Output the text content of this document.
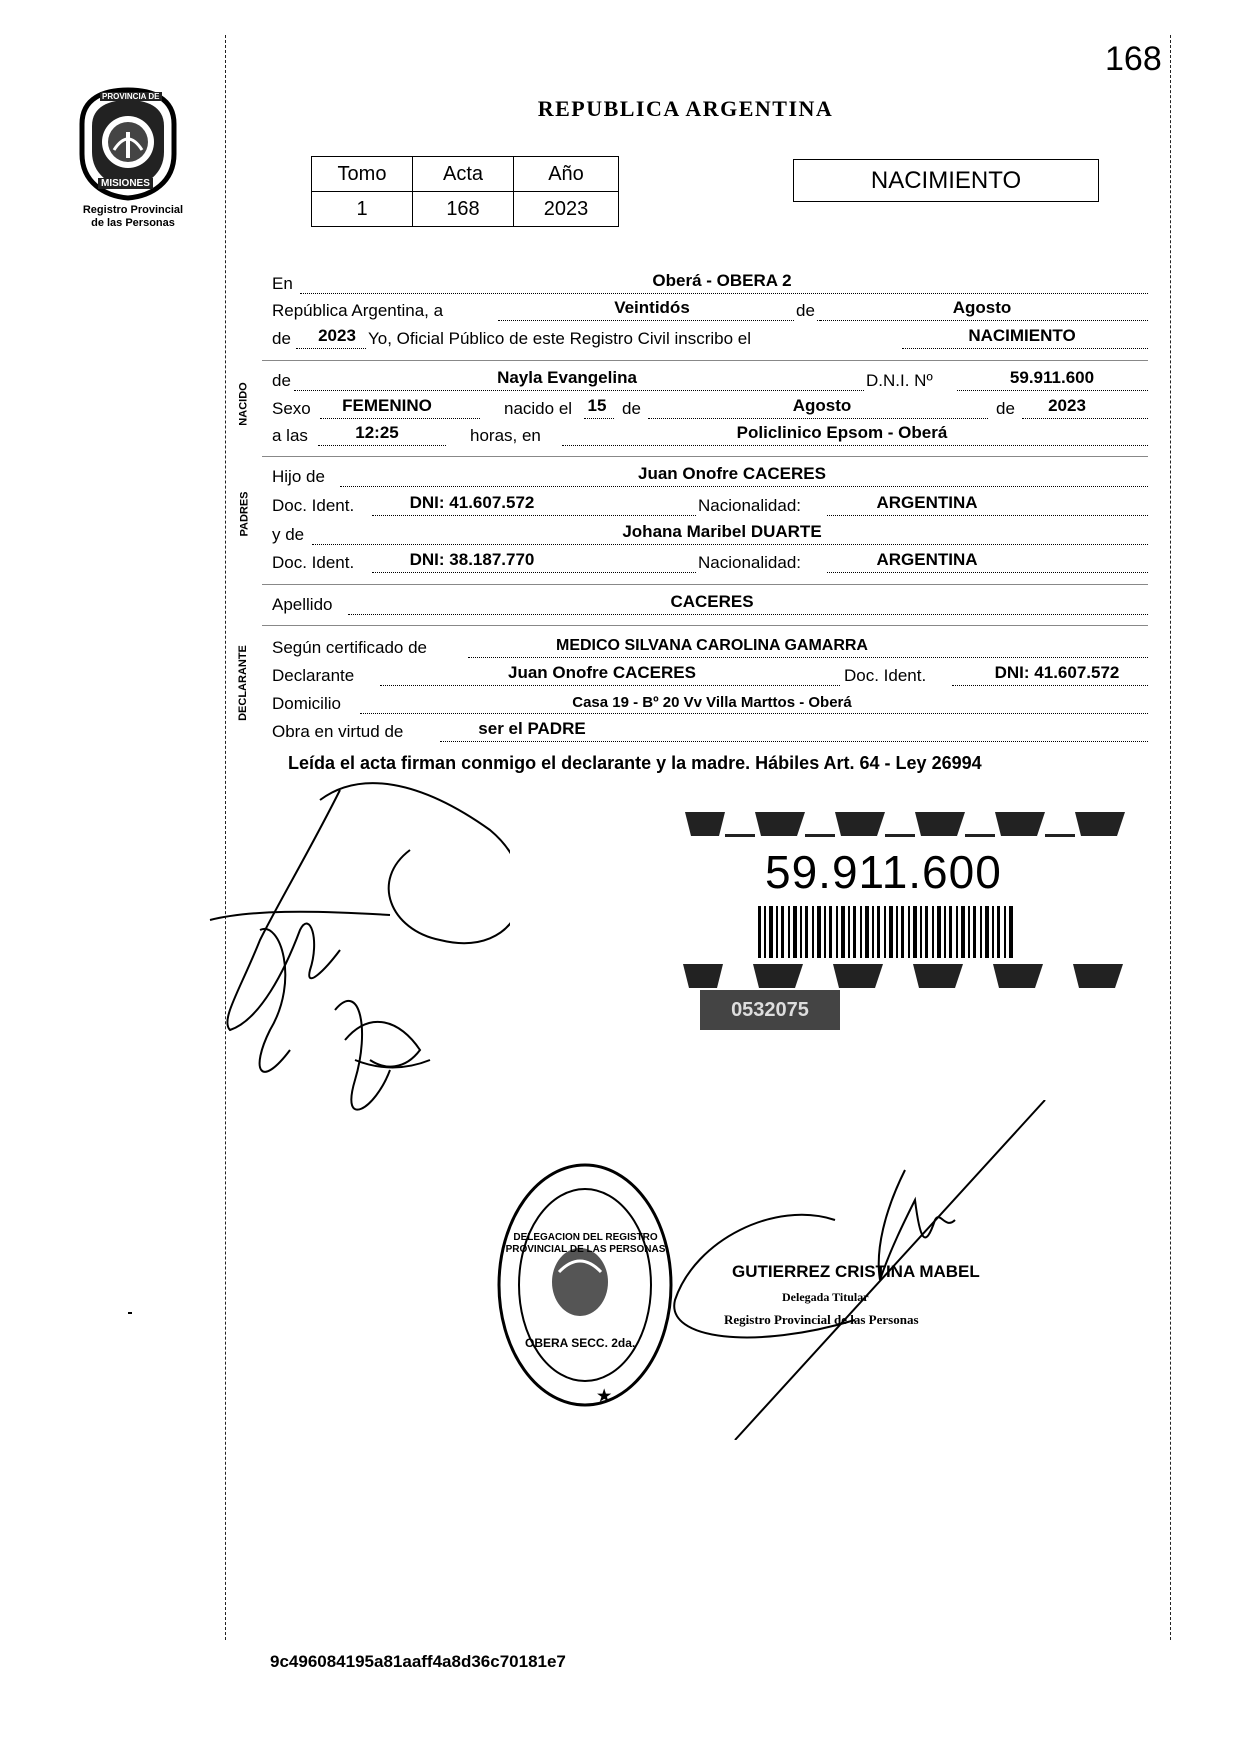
168
PROVINCIA DE
MISIONES
Registro Provincial
de las Personas
REPUBLICA ARGENTINA
Tomo	Acta	Año
1	168	2023
NACIMIENTO
En	Oberá - OBERA 2
República Argentina, a	Veintidós	de	Agosto
de	2023 Yo, Oficial Público de este Registro Civil inscribo el	NACIMIENTO
NACIDO
de	Nayla Evangelina	D.N.I. Nº	59.911.600
Sexo	FEMENINO	nacido el 15 de	Agosto	de	2023
a las	12:25	horas, en	Policlinico Epsom - Oberá
PADRES
Hijo de	Juan Onofre CACERES
Doc. Ident.	DNI: 41.607.572	Nacionalidad:	ARGENTINA
y de	Johana Maribel DUARTE
Doc. Ident.	DNI: 38.187.770	Nacionalidad:	ARGENTINA
Apellido	CACERES
DECLARANTE Según certificado de	MEDICO SILVANA CAROLINA GAMARRA
Declarante	Juan Onofre CACERES	Doc. Ident.	DNI: 41.607.572
Domicilio	Casa 19 - Bº 20 Vv Villa Marttos - Oberá
Obra en virtud de	ser el PADRE
Leída el acta firman conmigo el declarante y la madre. Hábiles Art. 64 - Ley 26994
59.911.600
0532075
DELEGACION DEL REGISTRO PROVINCIAL DE LAS PERSONAS
OBERA SECC. 2da.
★
GUTIERREZ CRISTINA MABEL
Delegada Titular
Registro Provincial de las Personas
9c496084195a81aaff4a8d36c70181e7
